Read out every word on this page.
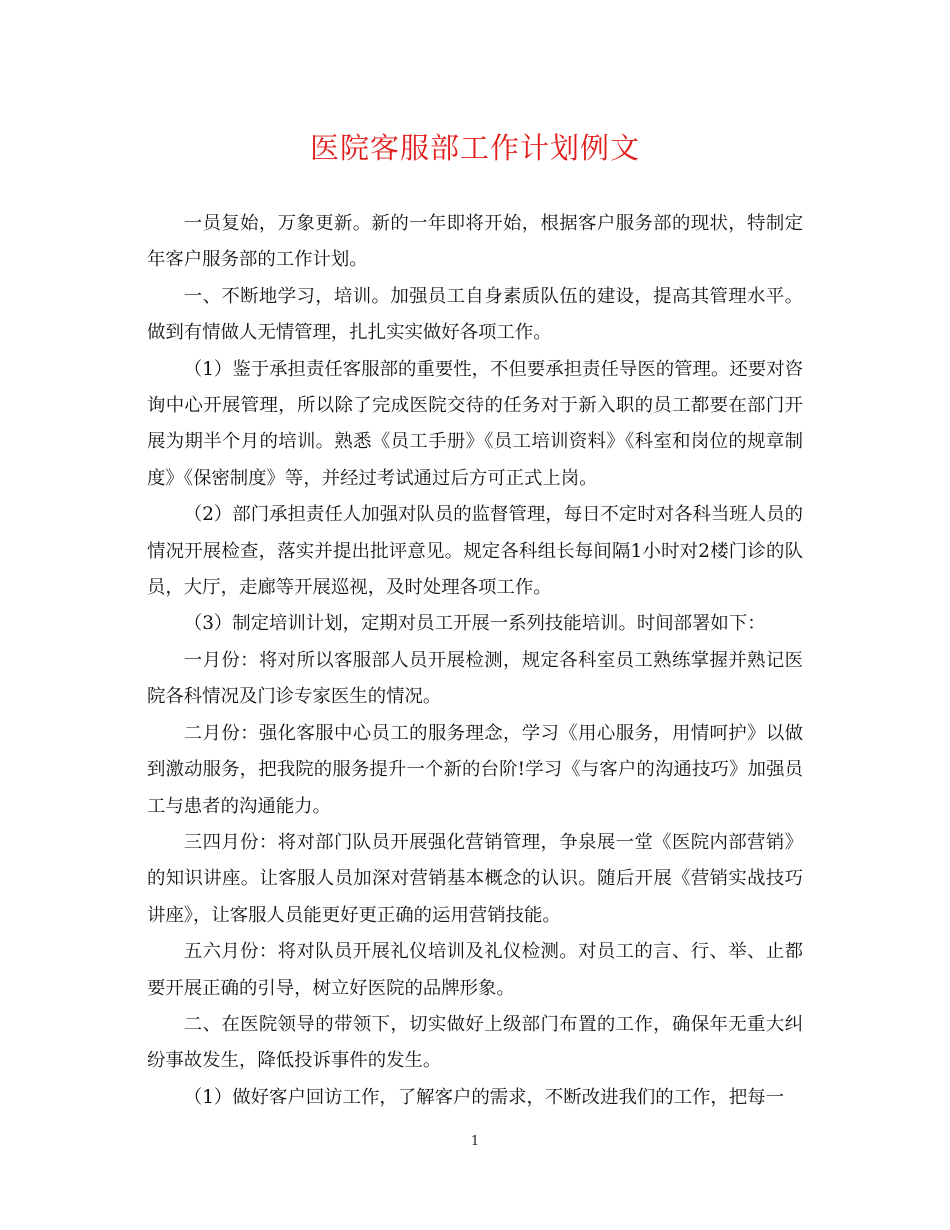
医院客服部工作计划例文

一员复始，万象更新。新的一年即将开始，根据客户服务部的现状，特制定年客户服务部的工作计划。

一、不断地学习，培训。加强员工自身素质队伍的建设，提高其管理水平。做到有情做人无情管理，扎扎实实做好各项工作。

（1）鉴于承担责任客服部的重要性，不但要承担责任导医的管理。还要对咨询中心开展管理，所以除了完成医院交待的任务对于新入职的员工都要在部门开展为期半个月的培训。熟悉《员工手册》《员工培训资料》《科室和岗位的规章制度》《保密制度》等，并经过考试通过后方可正式上岗。

（2）部门承担责任人加强对队员的监督管理，每日不定时对各科当班人员的情况开展检查，落实并提出批评意见。规定各科组长每间隔1小时对2楼门诊的队员，大厅，走廊等开展巡视，及时处理各项工作。

（3）制定培训计划，定期对员工开展一系列技能培训。时间部署如下：

一月份：将对所以客服部人员开展检测，规定各科室员工熟练掌握并熟记医院各科情况及门诊专家医生的情况。

二月份：强化客服中心员工的服务理念，学习《用心服务，用情呵护》以做到激动服务，把我院的服务提升一个新的台阶!学习《与客户的沟通技巧》加强员工与患者的沟通能力。

三四月份：将对部门队员开展强化营销管理，争泉展一堂《医院内部营销》的知识讲座。让客服人员加深对营销基本概念的认识。随后开展《营销实战技巧讲座》，让客服人员能更好更正确的运用营销技能。

五六月份：将对队员开展礼仪培训及礼仪检测。对员工的言、行、举、止都要开展正确的引导，树立好医院的品牌形象。

二、在医院领导的带领下，切实做好上级部门布置的工作，确保年无重大纠纷事故发生，降低投诉事件的发生。

（1）做好客户回访工作，了解客户的需求，不断改进我们的工作，把每一

1
